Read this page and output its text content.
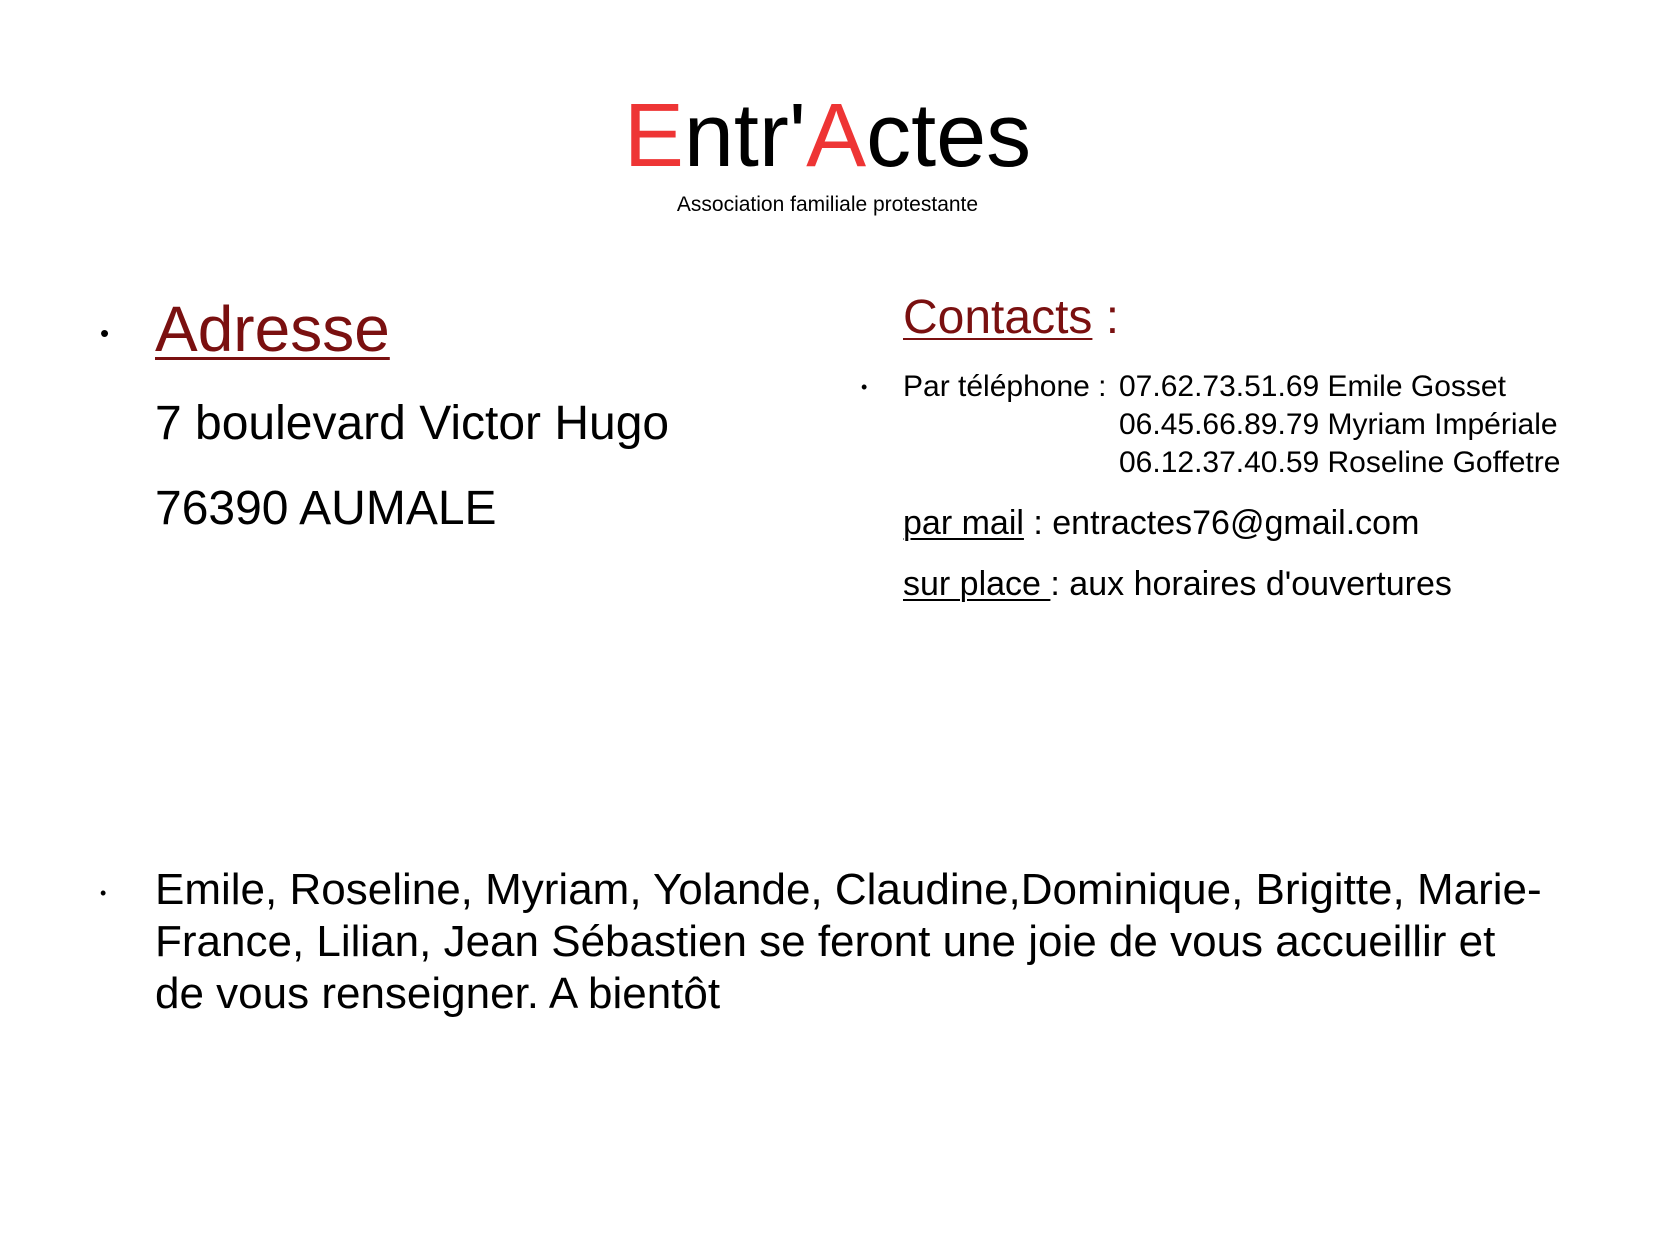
Entr'Actes
Association familiale protestante
• Adresse
7 boulevard Victor Hugo
76390 AUMALE
Contacts :
• Par téléphone : 07.62.73.51.69 Emile Gosset
06.45.66.89.79 Myriam Impériale
06.12.37.40.59 Roseline Goffetre
par mail : entractes76@gmail.com
sur place : aux horaires d'ouvertures
• Emile, Roseline, Myriam, Yolande, Claudine,Dominique, Brigitte, Marie-France, Lilian, Jean Sébastien se feront une joie de vous accueillir et de vous renseigner. A bientôt
